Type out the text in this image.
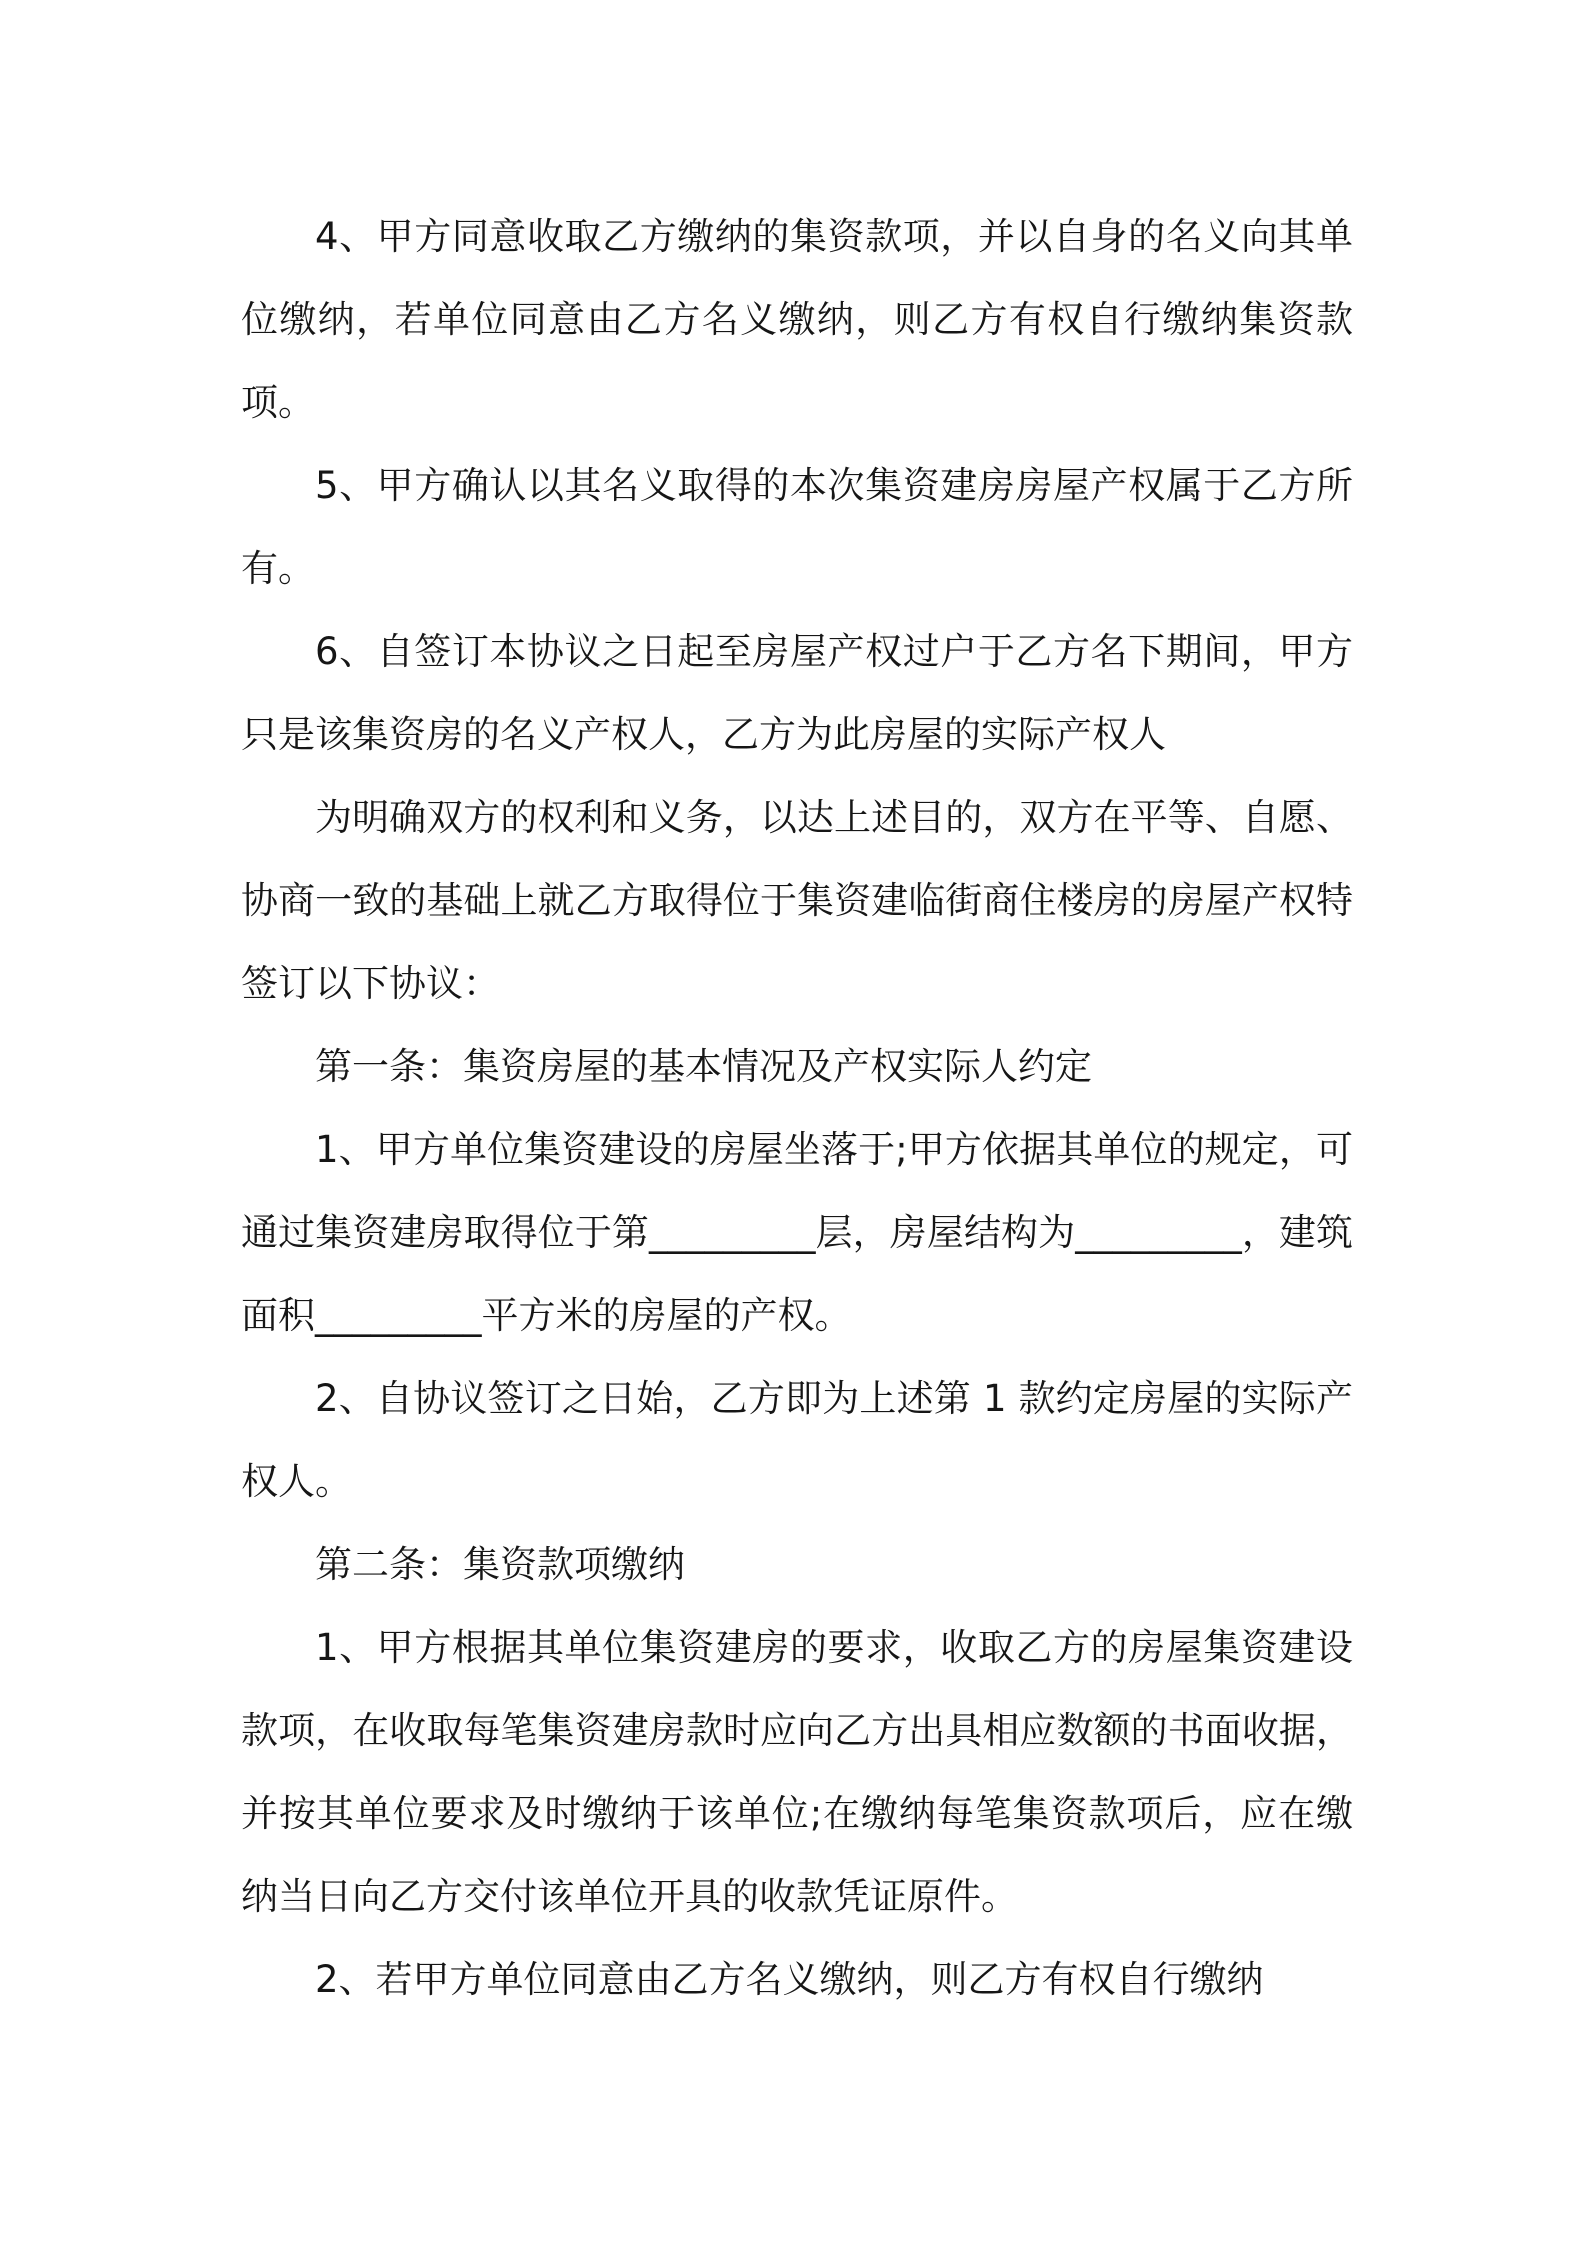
4、甲方同意收取乙方缴纳的集资款项，并以自身的名义向其单位缴纳，若单位同意由乙方名义缴纳，则乙方有权自行缴纳集资款项。

5、甲方确认以其名义取得的本次集资建房房屋产权属于乙方所有。

6、自签订本协议之日起至房屋产权过户于乙方名下期间，甲方只是该集资房的名义产权人，乙方为此房屋的实际产权人

为明确双方的权利和义务，以达上述目的，双方在平等、自愿、协商一致的基础上就乙方取得位于集资建临街商住楼房的房屋产权特签订以下协议：

第一条：集资房屋的基本情况及产权实际人约定

1、甲方单位集资建设的房屋坐落于;甲方依据其单位的规定，可通过集资建房取得位于第_________层，房屋结构为_________，建筑面积_________平方米的房屋的产权。

2、自协议签订之日始，乙方即为上述第 1 款约定房屋的实际产权人。

第二条：集资款项缴纳

1、甲方根据其单位集资建房的要求，收取乙方的房屋集资建设款项，在收取每笔集资建房款时应向乙方出具相应数额的书面收据，并按其单位要求及时缴纳于该单位;在缴纳每笔集资款项后，应在缴纳当日向乙方交付该单位开具的收款凭证原件。

2、若甲方单位同意由乙方名义缴纳，则乙方有权自行缴纳
